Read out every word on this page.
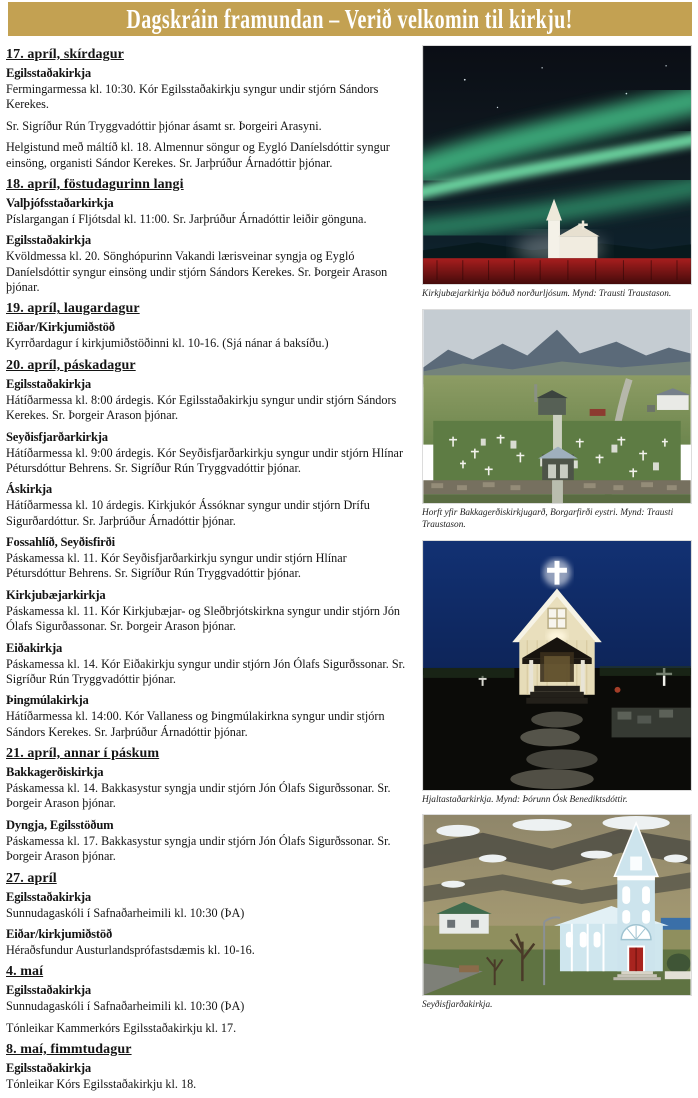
Dagskráin framundan – Verið velkomin til kirkju!
17. apríl, skírdagur
Egilsstaðakirkja

Fermingarmessa kl. 10:30. Kór Egilsstaðakirkju syngur undir stjórn Sándors Kerekes.

Sr. Sigríður Rún Tryggvadóttir þjónar ásamt sr. Þorgeiri Arasyni.

Helgistund með máltíð kl. 18. Almennur söngur og Eygló Daníelsdóttir syngur einsöng, organisti Sándor Kerekes. Sr. Jarþrúður Árnadóttir þjónar.

18. apríl, föstudagurinn langi
Valþjófsstaðarkirkja

Píslargangan í Fljótsdal kl. 11:00. Sr. Jarþrúður Árnadóttir leiðir gönguna.

Egilsstaðakirkja

Kvöldmessa kl. 20. Sönghópurinn Vakandi lærisveinar syngja og Eygló Daníelsdóttir syngur einsöng undir stjórn Sándors Kerekes. Sr. Þorgeir Arason þjónar.

19. apríl, laugardagur
Eiðar/Kirkjumiðstöð

Kyrrðardagur í kirkjumiðstöðinni kl. 10-16. (Sjá nánar á baksíðu.)

20. apríl, páskadagur
Egilsstaðakirkja

Hátíðarmessa kl. 8:00 árdegis. Kór Egilsstaðakirkju syngur undir stjórn Sándors Kerekes. Sr. Þorgeir Arason þjónar.

Seyðisfjarðarkirkja

Hátíðarmessa kl. 9:00 árdegis. Kór Seyðisfjarðarkirkju syngur undir stjórn Hlínar Pétursdóttur Behrens. Sr. Sigríður Rún Tryggvadóttir þjónar.

Áskirkja

Hátíðarmessa kl. 10 árdegis. Kirkjukór Ássóknar syngur undir stjórn Drífu Sigurðardóttur. Sr. Jarþrúður Árnadóttir þjónar.

Fossahlíð, Seyðisfirði

Páskamessa kl. 11. Kór Seyðisfjarðarkirkju syngur undir stjórn Hlínar Pétursdóttur Behrens. Sr. Sigríður Rún Tryggvadóttir þjónar.

Kirkjubæjarkirkja

Páskamessa kl. 11. Kór Kirkjubæjar- og Sleðbrjótskirkna syngur undir stjórn Jón Ólafs Sigurðassonar. Sr. Þorgeir Arason þjónar.

Eiðakirkja

Páskamessa kl. 14. Kór Eiðakirkju syngur undir stjórn Jón Ólafs Sigurðssonar. Sr. Sigríður Rún Tryggvadóttir þjónar.

Þingmúlakirkja

Hátíðarmessa kl. 14:00. Kór Vallaness og Þingmúlakirkna syngur undir stjórn Sándors Kerekes. Sr. Jarþrúður Árnadóttir þjónar.

21. apríl, annar í páskum
Bakkagerðiskirkja

Páskamessa kl. 14. Bakkasystur syngja undir stjórn Jón Ólafs Sigurðssonar. Sr. Þorgeir Arason þjónar.

Dyngja, Egilsstöðum

Páskamessa kl. 17. Bakkasystur syngja undir stjórn Jón Ólafs Sigurðssonar. Sr. Þorgeir Arason þjónar.

27. apríl
Egilsstaðakirkja

Sunnudagaskóli í Safnaðarheimili kl. 10:30 (ÞA)

Eiðar/kirkjumiðstöð

Héraðsfundur Austurlandsprófastsdæmis kl. 10-16.

4. maí
Egilsstaðakirkja

Sunnudagaskóli í Safnaðarheimili kl. 10:30 (ÞA)

Tónleikar Kammerkórs Egilsstaðakirkju kl. 17.

8. maí, fimmtudagur
Egilsstaðakirkja

Tónleikar Kórs Egilsstaðakirkju kl. 18.

Kirkjubæjarkirkja böðuð norðurljósum. Mynd: Trausti Traustason.
Horft yfir Bakkagerðiskirkjugarð, Borgarfirði eystri. Mynd: Trausti Traustason.
Hjaltastaðarkirkja. Mynd: Þórunn Ósk Benediktsdóttir.
Seyðisfjarðakirkja.
